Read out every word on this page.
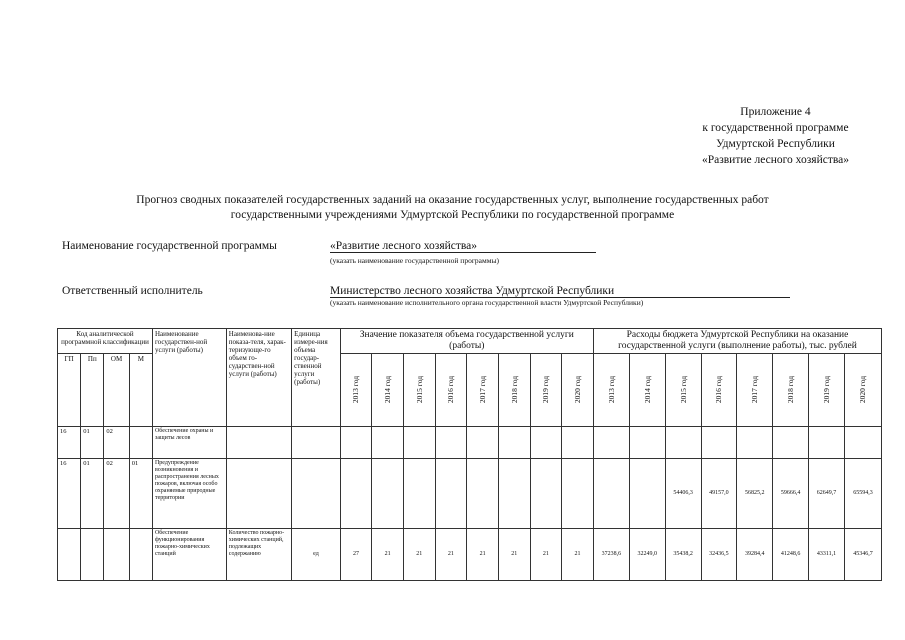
Приложение 4
к государственной программе
Удмуртской Республики
«Развитие лесного хозяйства»
Прогноз сводных показателей государственных заданий на оказание государственных услуг, выполнение государственных работ
государственными учреждениями Удмуртской Республики по государственной программе
Наименование государственной программы	«Развитие лесного хозяйства»
(указать наименование государственной программы)
Ответственный исполнитель	Министерство лесного хозяйства Удмуртской Республики
(указать наименование исполнительного органа государственной власти Удмуртской Республики)
Код аналитической программной классификации				Наименование государствен-ной услуги (работы)	Наименова-ние показа-теля, харак-теризующе-го объем го-сударствен-ной услуги (работы)	Единица измере-ния объема государ-ственной услуги (работы)	Значение показателя объема государственной услуги (работы)								Расходы бюджета Удмуртской Республики на оказание государственной услуги (выполнение работы), тыс. рублей							
ГП	Пп	ОМ	М				2013 год	2014 год	2015 год	2016 год	2017 год	2018 год	2019 год	2020 год	2013 год	2014 год	2015 год	2016 год	2017 год	2018 год	2019 год	2020 год

16	01	02		Обеспечение охраны и защиты лесов																		
16	01	02	01	Предупреждение возникновения и распространения лесных пожаров, включая особо охраняемые природные территории													54406,3	49157,0	56825,2	59666,4	62649,7	65594,3
				Обеспечение функционирования пожарно-химических станций	Количество пожарно-химических станций, подлежащих содержанию	ед	27	21	21	21	21	21	21	21	37238,6	32249,0	35438,2	32436,5	39284,4	41248,6	43311,1	45346,7
